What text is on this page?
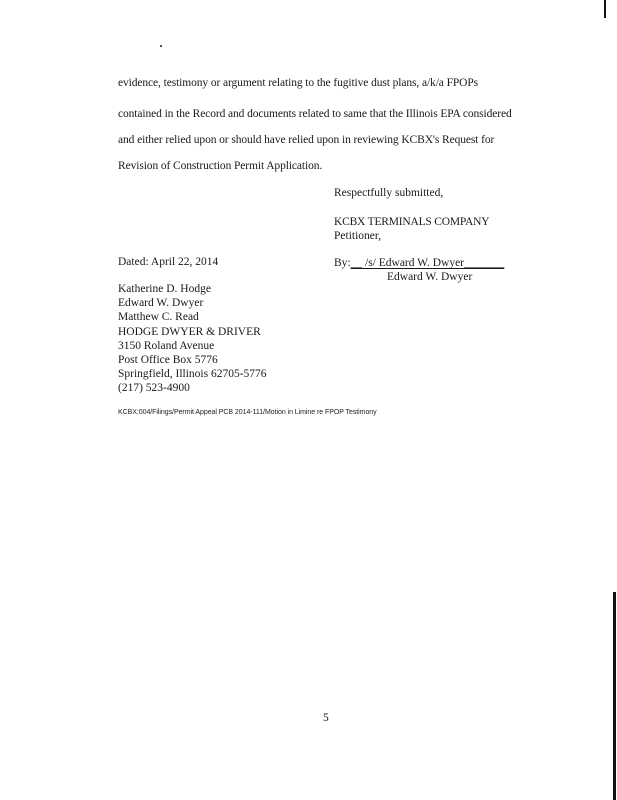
evidence, testimony or argument relating to the fugitive dust plans, a/k/a FPOPs
contained in the Record and documents related to same that the Illinois EPA considered
and either relied upon or should have relied upon in reviewing KCBX's Request for
Revision of Construction Permit Application.
Respectfully submitted,
KCBX TERMINALS COMPANY
Petitioner,
Dated: April 22, 2014	By:__ /s/ Edward W. Dwyer_______
Edward W. Dwyer
Katherine D. Hodge
Edward W. Dwyer
Matthew C. Read
HODGE DWYER & DRIVER
3150 Roland Avenue
Post Office Box 5776
Springfield, Illinois 62705-5776
(217) 523-4900
KCBX:004/Filings/Permit Appeal PCB 2014-111/Motion in Limine re FPOP Testimony
5
